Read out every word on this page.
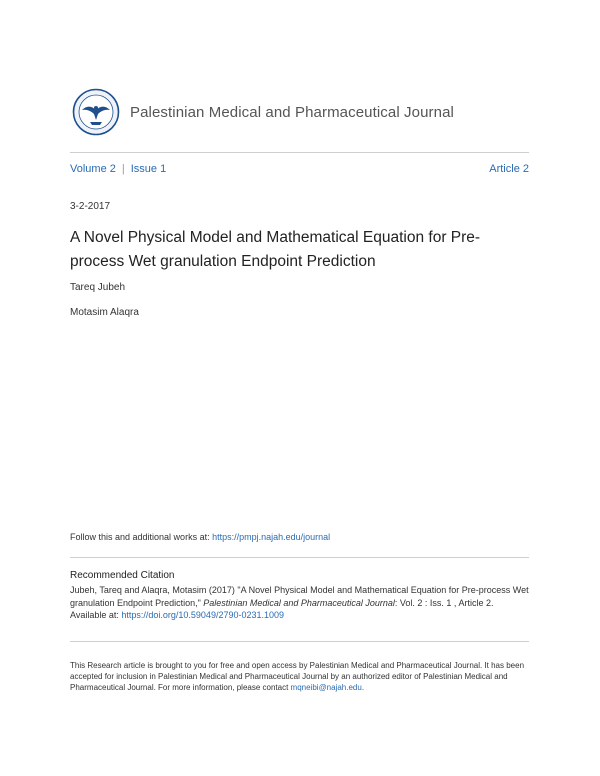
Palestinian Medical and Pharmaceutical Journal
Volume 2 | Issue 1	Article 2
3-2-2017
A Novel Physical Model and Mathematical Equation for Pre-process Wet granulation Endpoint Prediction
Tareq Jubeh
Motasim Alaqra
Follow this and additional works at: https://pmpj.najah.edu/journal
Recommended Citation
Jubeh, Tareq and Alaqra, Motasim (2017) "A Novel Physical Model and Mathematical Equation for Pre-process Wet granulation Endpoint Prediction," Palestinian Medical and Pharmaceutical Journal: Vol. 2 : Iss. 1 , Article 2.
Available at: https://doi.org/10.59049/2790-0231.1009
This Research article is brought to you for free and open access by Palestinian Medical and Pharmaceutical Journal. It has been accepted for inclusion in Palestinian Medical and Pharmaceutical Journal by an authorized editor of Palestinian Medical and Pharmaceutical Journal. For more information, please contact mqneibi@najah.edu.
